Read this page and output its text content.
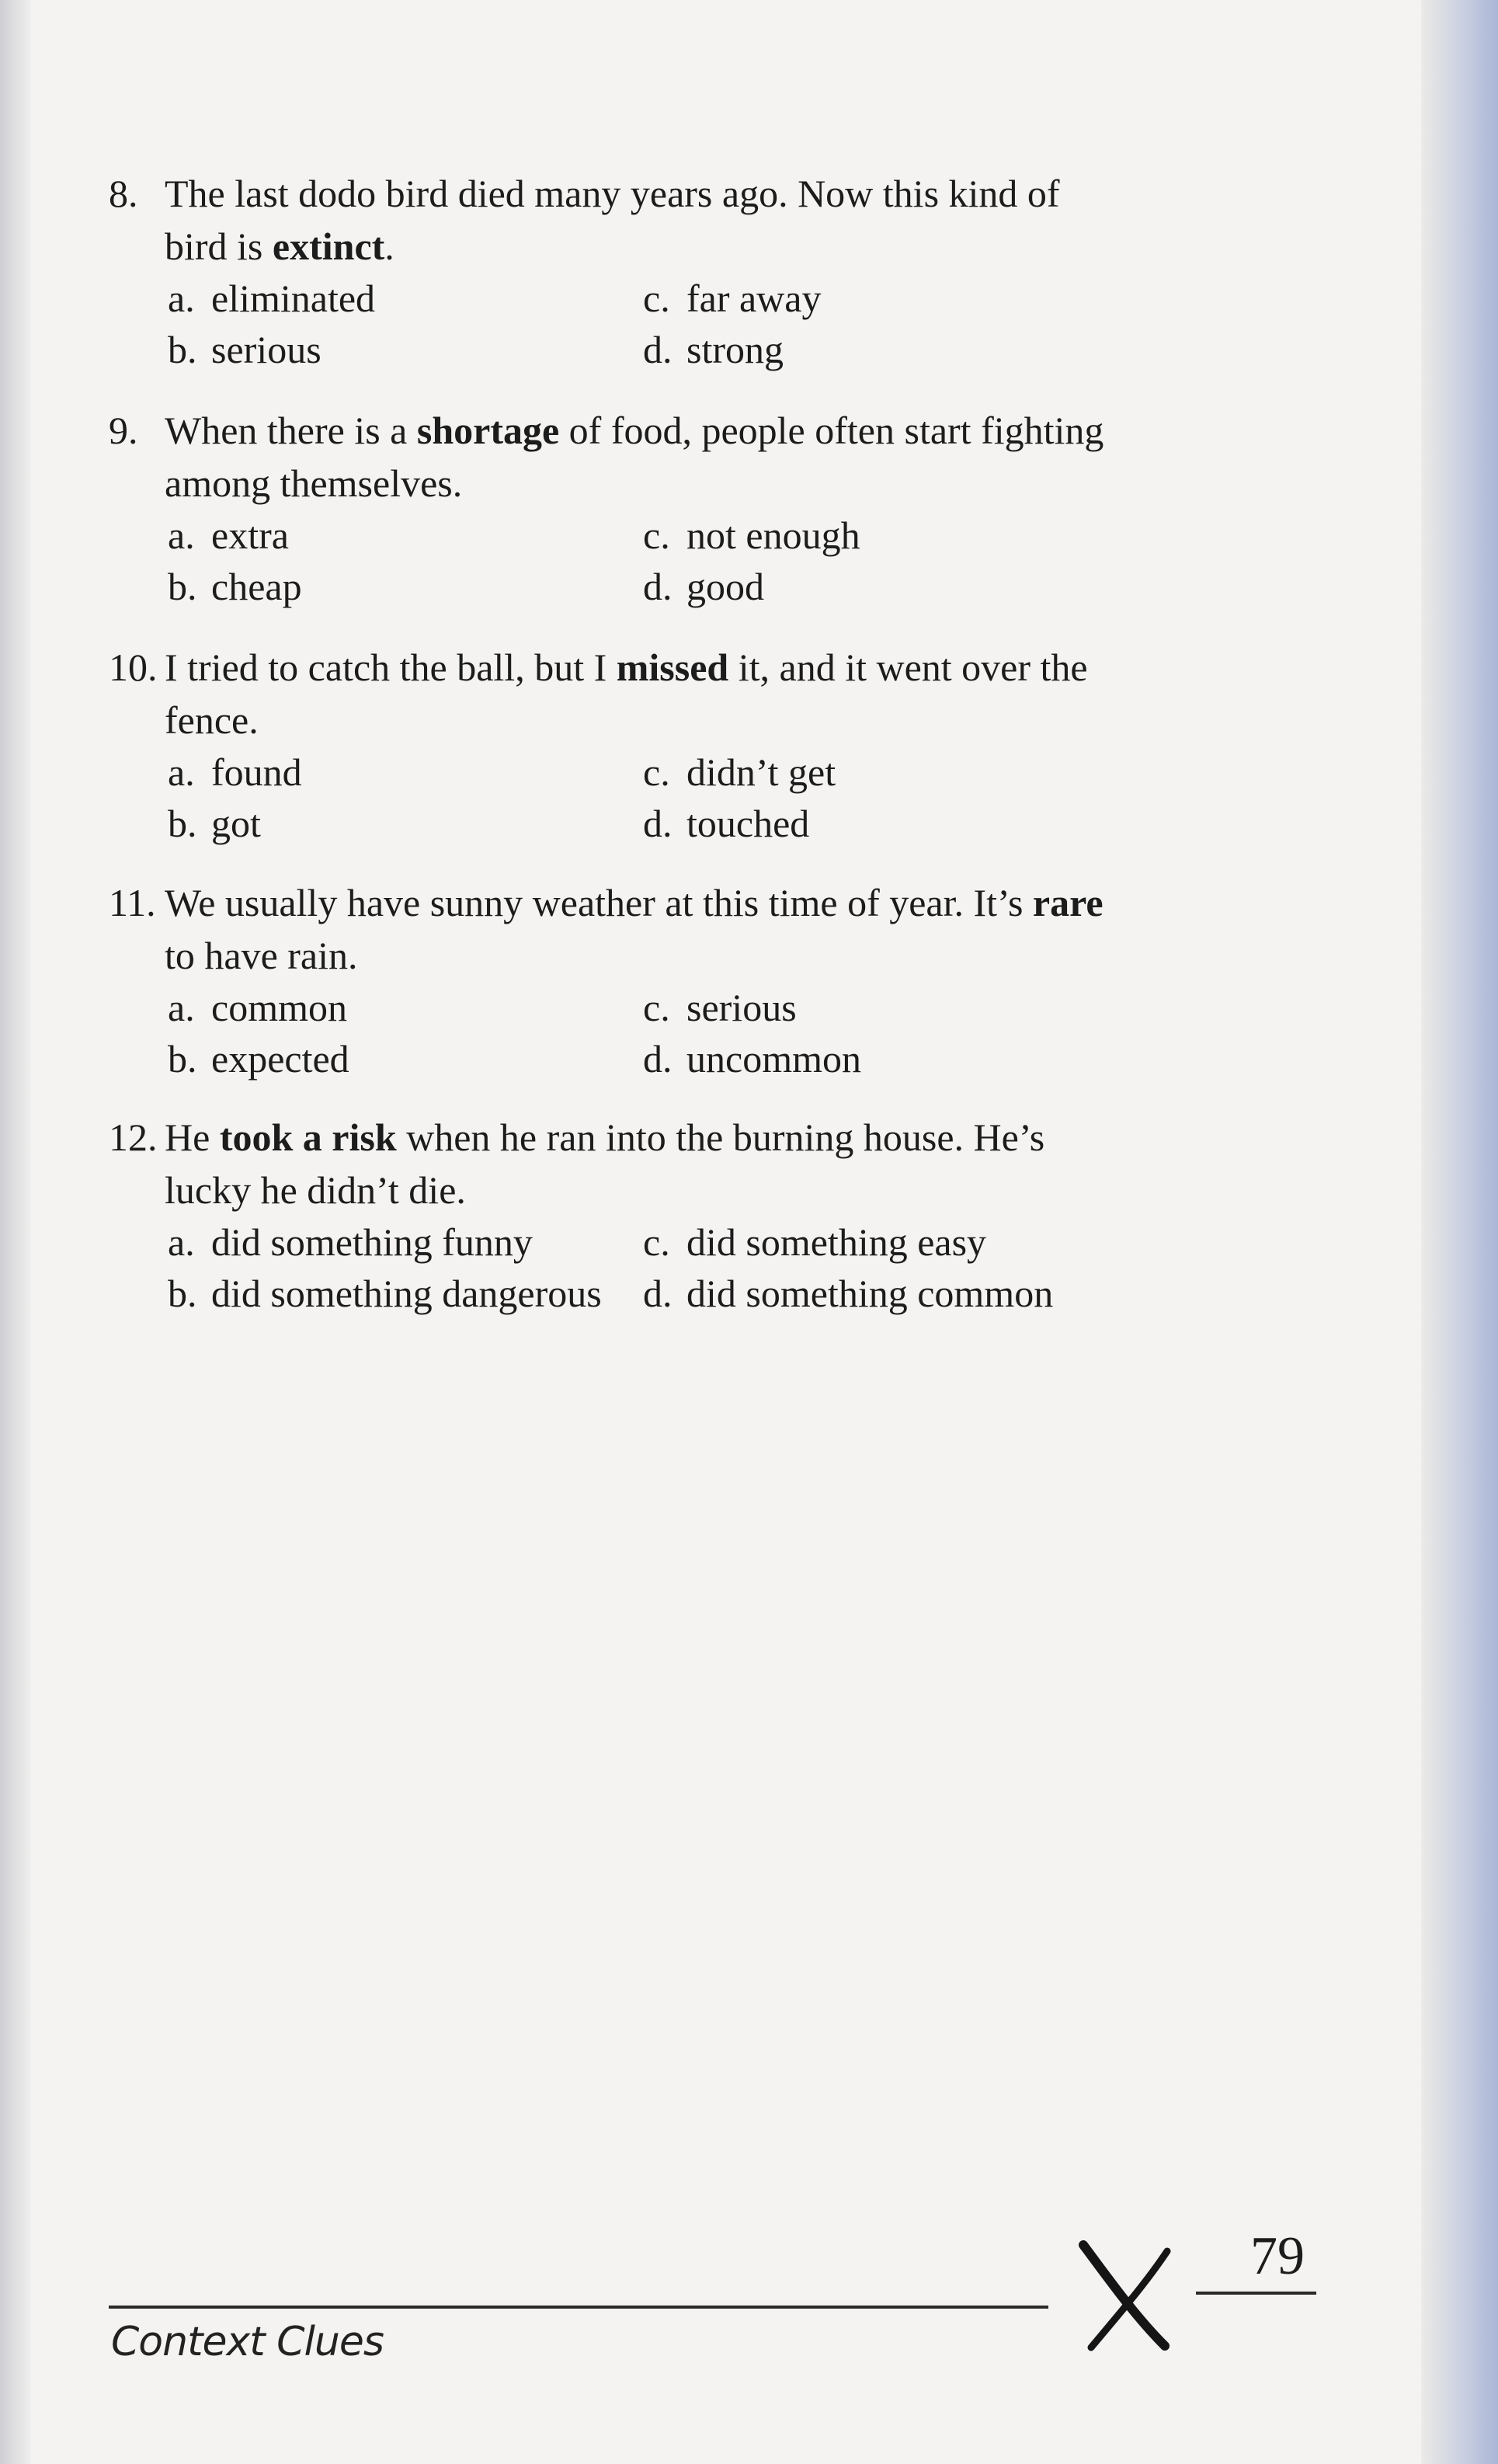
8. The last dodo bird died many years ago. Now this kind of bird is extinct.
a. eliminated	c. far away
b. serious	d. strong
9. When there is a shortage of food, people often start fighting among themselves.
a. extra	c. not enough
b. cheap	d. good
10. I tried to catch the ball, but I missed it, and it went over the fence.
a. found	c. didn’t get
b. got	d. touched
11. We usually have sunny weather at this time of year. It’s rare to have rain.
a. common	c. serious
b. expected	d. uncommon
12. He took a risk when he ran into the burning house. He’s lucky he didn’t die.
a. did something funny	c. did something easy
b. did something dangerous	d. did something common
79
Context Clues
